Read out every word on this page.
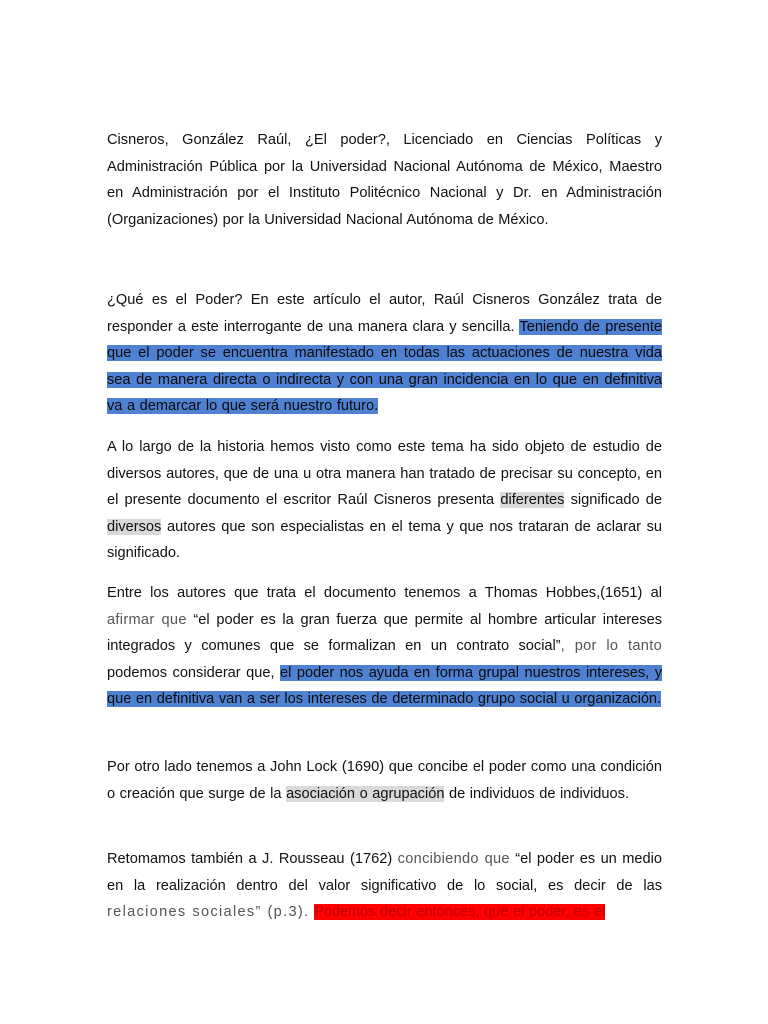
Cisneros, González Raúl, ¿El poder?, Licenciado en Ciencias Políticas y Administración Pública por la Universidad Nacional Autónoma de México, Maestro en Administración por el Instituto Politécnico Nacional y Dr. en Administración (Organizaciones) por la Universidad Nacional Autónoma de México.

¿Qué es el Poder? En este artículo el autor, Raúl Cisneros González trata de responder a este interrogante de una manera clara y sencilla. Teniendo de presente que el poder se encuentra manifestado en todas las actuaciones de nuestra vida sea de manera directa o indirecta y con una gran incidencia en lo que en definitiva va a demarcar lo que será nuestro futuro.

A lo largo de la historia hemos visto como este tema ha sido objeto de estudio de diversos autores, que de una u otra manera han tratado de precisar su concepto, en el presente documento el escritor Raúl Cisneros presenta diferentes significado de diversos autores que son especialistas en el tema y que nos trataran de aclarar su significado.

Entre los autores que trata el documento tenemos a Thomas Hobbes,(1651) al afirmar que “el poder es la gran fuerza que permite al hombre articular intereses integrados y comunes que se formalizan en un contrato social”, por lo tanto podemos considerar que, el poder nos ayuda en forma grupal nuestros intereses, y que en definitiva van a ser los intereses de determinado grupo social u organización.

Por otro lado tenemos a John Lock (1690) que concibe el poder como una condición o creación que surge de la asociación o agrupación de individuos de individuos.

Retomamos también a J. Rousseau (1762) concibiendo que “el poder es un medio en la realización dentro del valor significativo de lo social, es decir de las relaciones sociales” (p.3). Podemos decir entonces, que el poder, es el
